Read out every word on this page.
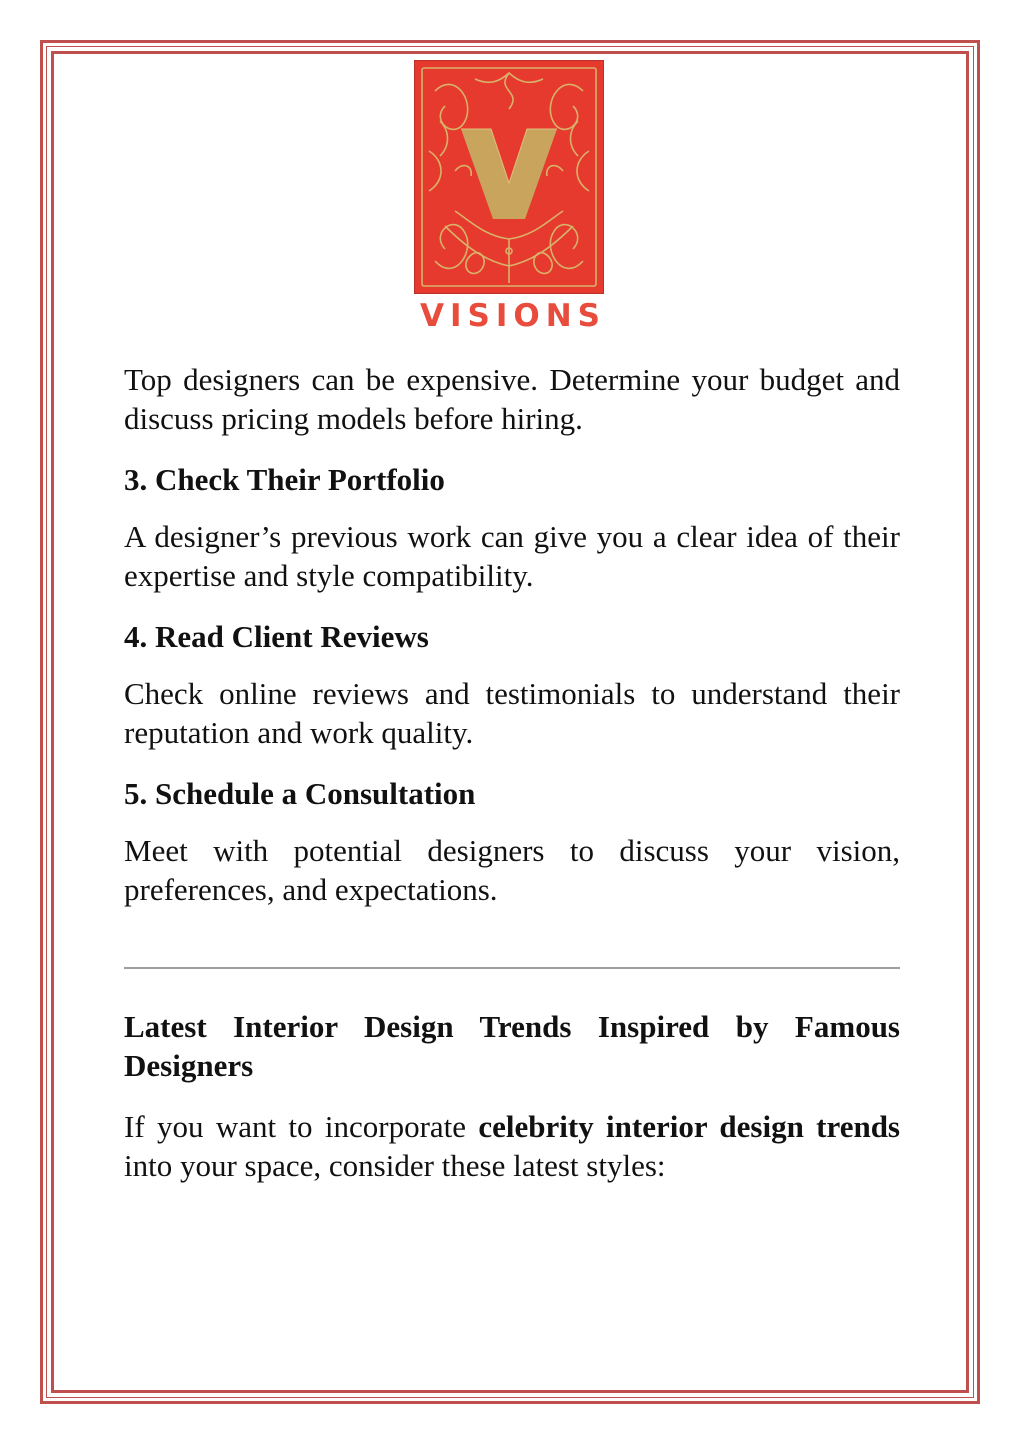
VISIONS

Top designers can be expensive. Determine your budget and discuss pricing models before hiring.

3. Check Their Portfolio

A designer’s previous work can give you a clear idea of their expertise and style compatibility.

4. Read Client Reviews

Check online reviews and testimonials to understand their reputation and work quality.

5. Schedule a Consultation

Meet with potential designers to discuss your vision, preferences, and expectations.

Latest Interior Design Trends Inspired by Famous Designers

If you want to incorporate celebrity interior design trends into your space, consider these latest styles:
